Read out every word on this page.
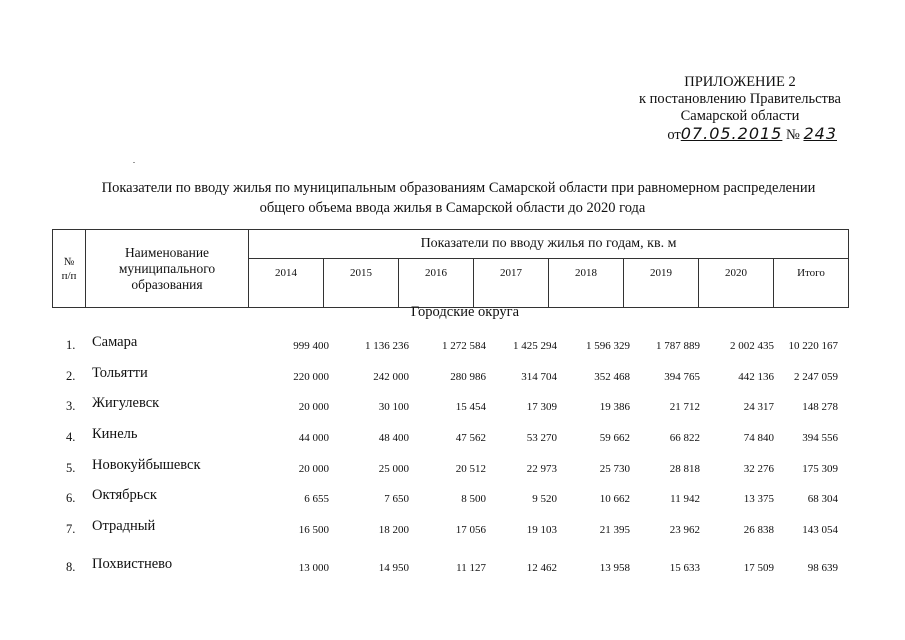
ПРИЛОЖЕНИЕ 2
к постановлению Правительства
Самарской области
от07.05.2015 № 243
Показатели по вводу жилья по муниципальным образованиям Самарской области при равномерном распределении
общего объема ввода жилья в Самарской области до 2020 года
№
п/п	Наименование
муниципального
образования	Показатели по вводу жилья по годам, кв. м							
		2014	2015	2016	2017	2018	2019	2020	Итого
Городские округа
1. Самара	999 400	1 136 236	1 272 584	1 425 294	1 596 329	1 787 889	2 002 435	10 220 167
2. Тольятти	220 000	242 000	280 986	314 704	352 468	394 765	442 136	2 247 059
3. Жигулевск	20 000	30 100	15 454	17 309	19 386	21 712	24 317	148 278
4. Кинель	44 000	48 400	47 562	53 270	59 662	66 822	74 840	394 556
5. Новокуйбышевск	20 000	25 000	20 512	22 973	25 730	28 818	32 276	175 309
6. Октябрьск	6 655	7 650	8 500	9 520	10 662	11 942	13 375	68 304
7. Отрадный	16 500	18 200	17 056	19 103	21 395	23 962	26 838	143 054
8. Похвистнево	13 000	14 950	11 127	12 462	13 958	15 633	17 509	98 639
